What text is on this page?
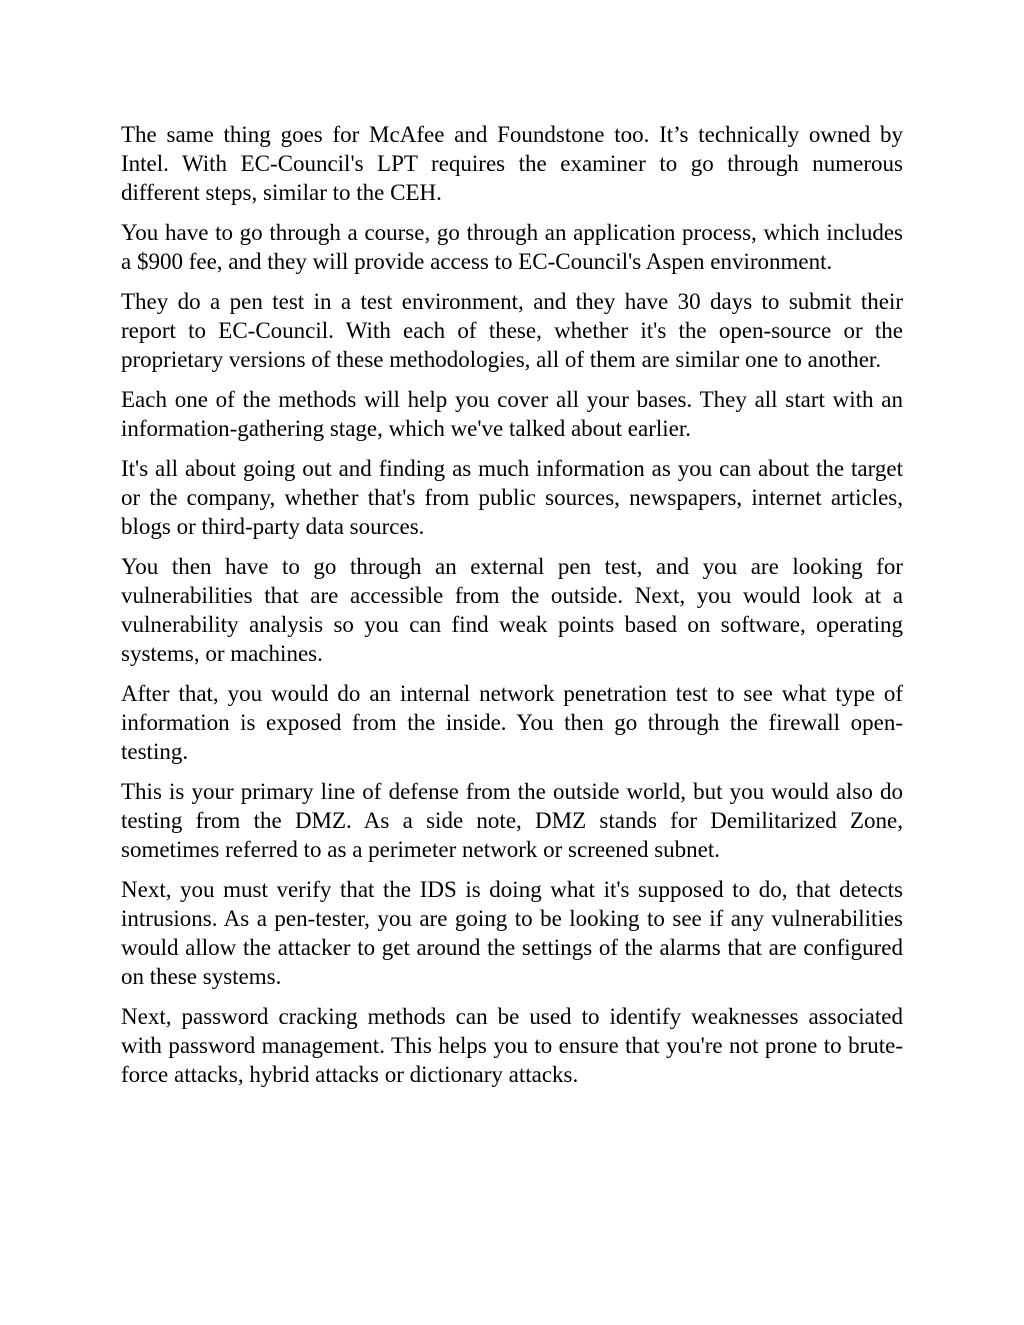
The same thing goes for McAfee and Foundstone too. It’s technically owned by Intel. With EC-Council's LPT requires the examiner to go through numerous different steps, similar to the CEH.

You have to go through a course, go through an application process, which includes a $900 fee, and they will provide access to EC-Council's Aspen environment.

They do a pen test in a test environment, and they have 30 days to submit their report to EC-Council. With each of these, whether it's the open-source or the proprietary versions of these methodologies, all of them are similar one to another.

Each one of the methods will help you cover all your bases. They all start with an information-gathering stage, which we've talked about earlier.

It's all about going out and finding as much information as you can about the target or the company, whether that's from public sources, newspapers, internet articles, blogs or third-party data sources.

You then have to go through an external pen test, and you are looking for vulnerabilities that are accessible from the outside. Next, you would look at a vulnerability analysis so you can find weak points based on software, operating systems, or machines.

After that, you would do an internal network penetration test to see what type of information is exposed from the inside. You then go through the firewall open-testing.

This is your primary line of defense from the outside world, but you would also do testing from the DMZ. As a side note, DMZ stands for Demilitarized Zone, sometimes referred to as a perimeter network or screened subnet.

Next, you must verify that the IDS is doing what it's supposed to do, that detects intrusions. As a pen-tester, you are going to be looking to see if any vulnerabilities would allow the attacker to get around the settings of the alarms that are configured on these systems.

Next, password cracking methods can be used to identify weaknesses associated with password management. This helps you to ensure that you're not prone to brute-force attacks, hybrid attacks or dictionary attacks.
